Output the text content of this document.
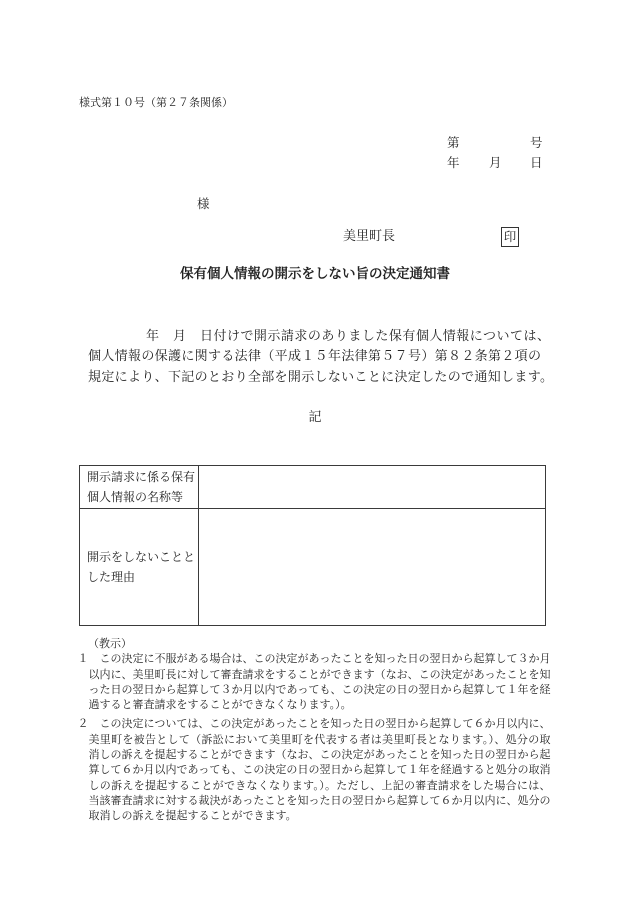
様式第１０号（第２７条関係）
第	号
年 月 日
様
美里町長	印
保有個人情報の開示をしない旨の決定通知書
年　月　日付けで開示請求のありました保有個人情報については、
個人情報の保護に関する法律（平成１５年法律第５７号）第８２条第２項の
規定により、下記のとおり全部を開示しないことに決定したので通知します。
記
開示請求に係る保有
個人情報の名称等
開示をしないことと
した理由
（教示）
１ この決定に不服がある場合は、この決定があったことを知った日の翌日から起算して３か月
以内に、美里町長に対して審査請求をすることができます（なお、この決定があったことを知
った日の翌日から起算して３か月以内であっても、この決定の日の翌日から起算して１年を経
過すると審査請求をすることができなくなります。）。
２ この決定については、この決定があったことを知った日の翌日から起算して６か月以内に、
美里町を被告として（訴訟において美里町を代表する者は美里町長となります。）、処分の取
消しの訴えを提起することができます（なお、この決定があったことを知った日の翌日から起
算して６か月以内であっても、この決定の日の翌日から起算して１年を経過すると処分の取消
しの訴えを提起することができなくなります。）。ただし、上記の審査請求をした場合には、
当該審査請求に対する裁決があったことを知った日の翌日から起算して６か月以内に、処分の
取消しの訴えを提起することができます。
